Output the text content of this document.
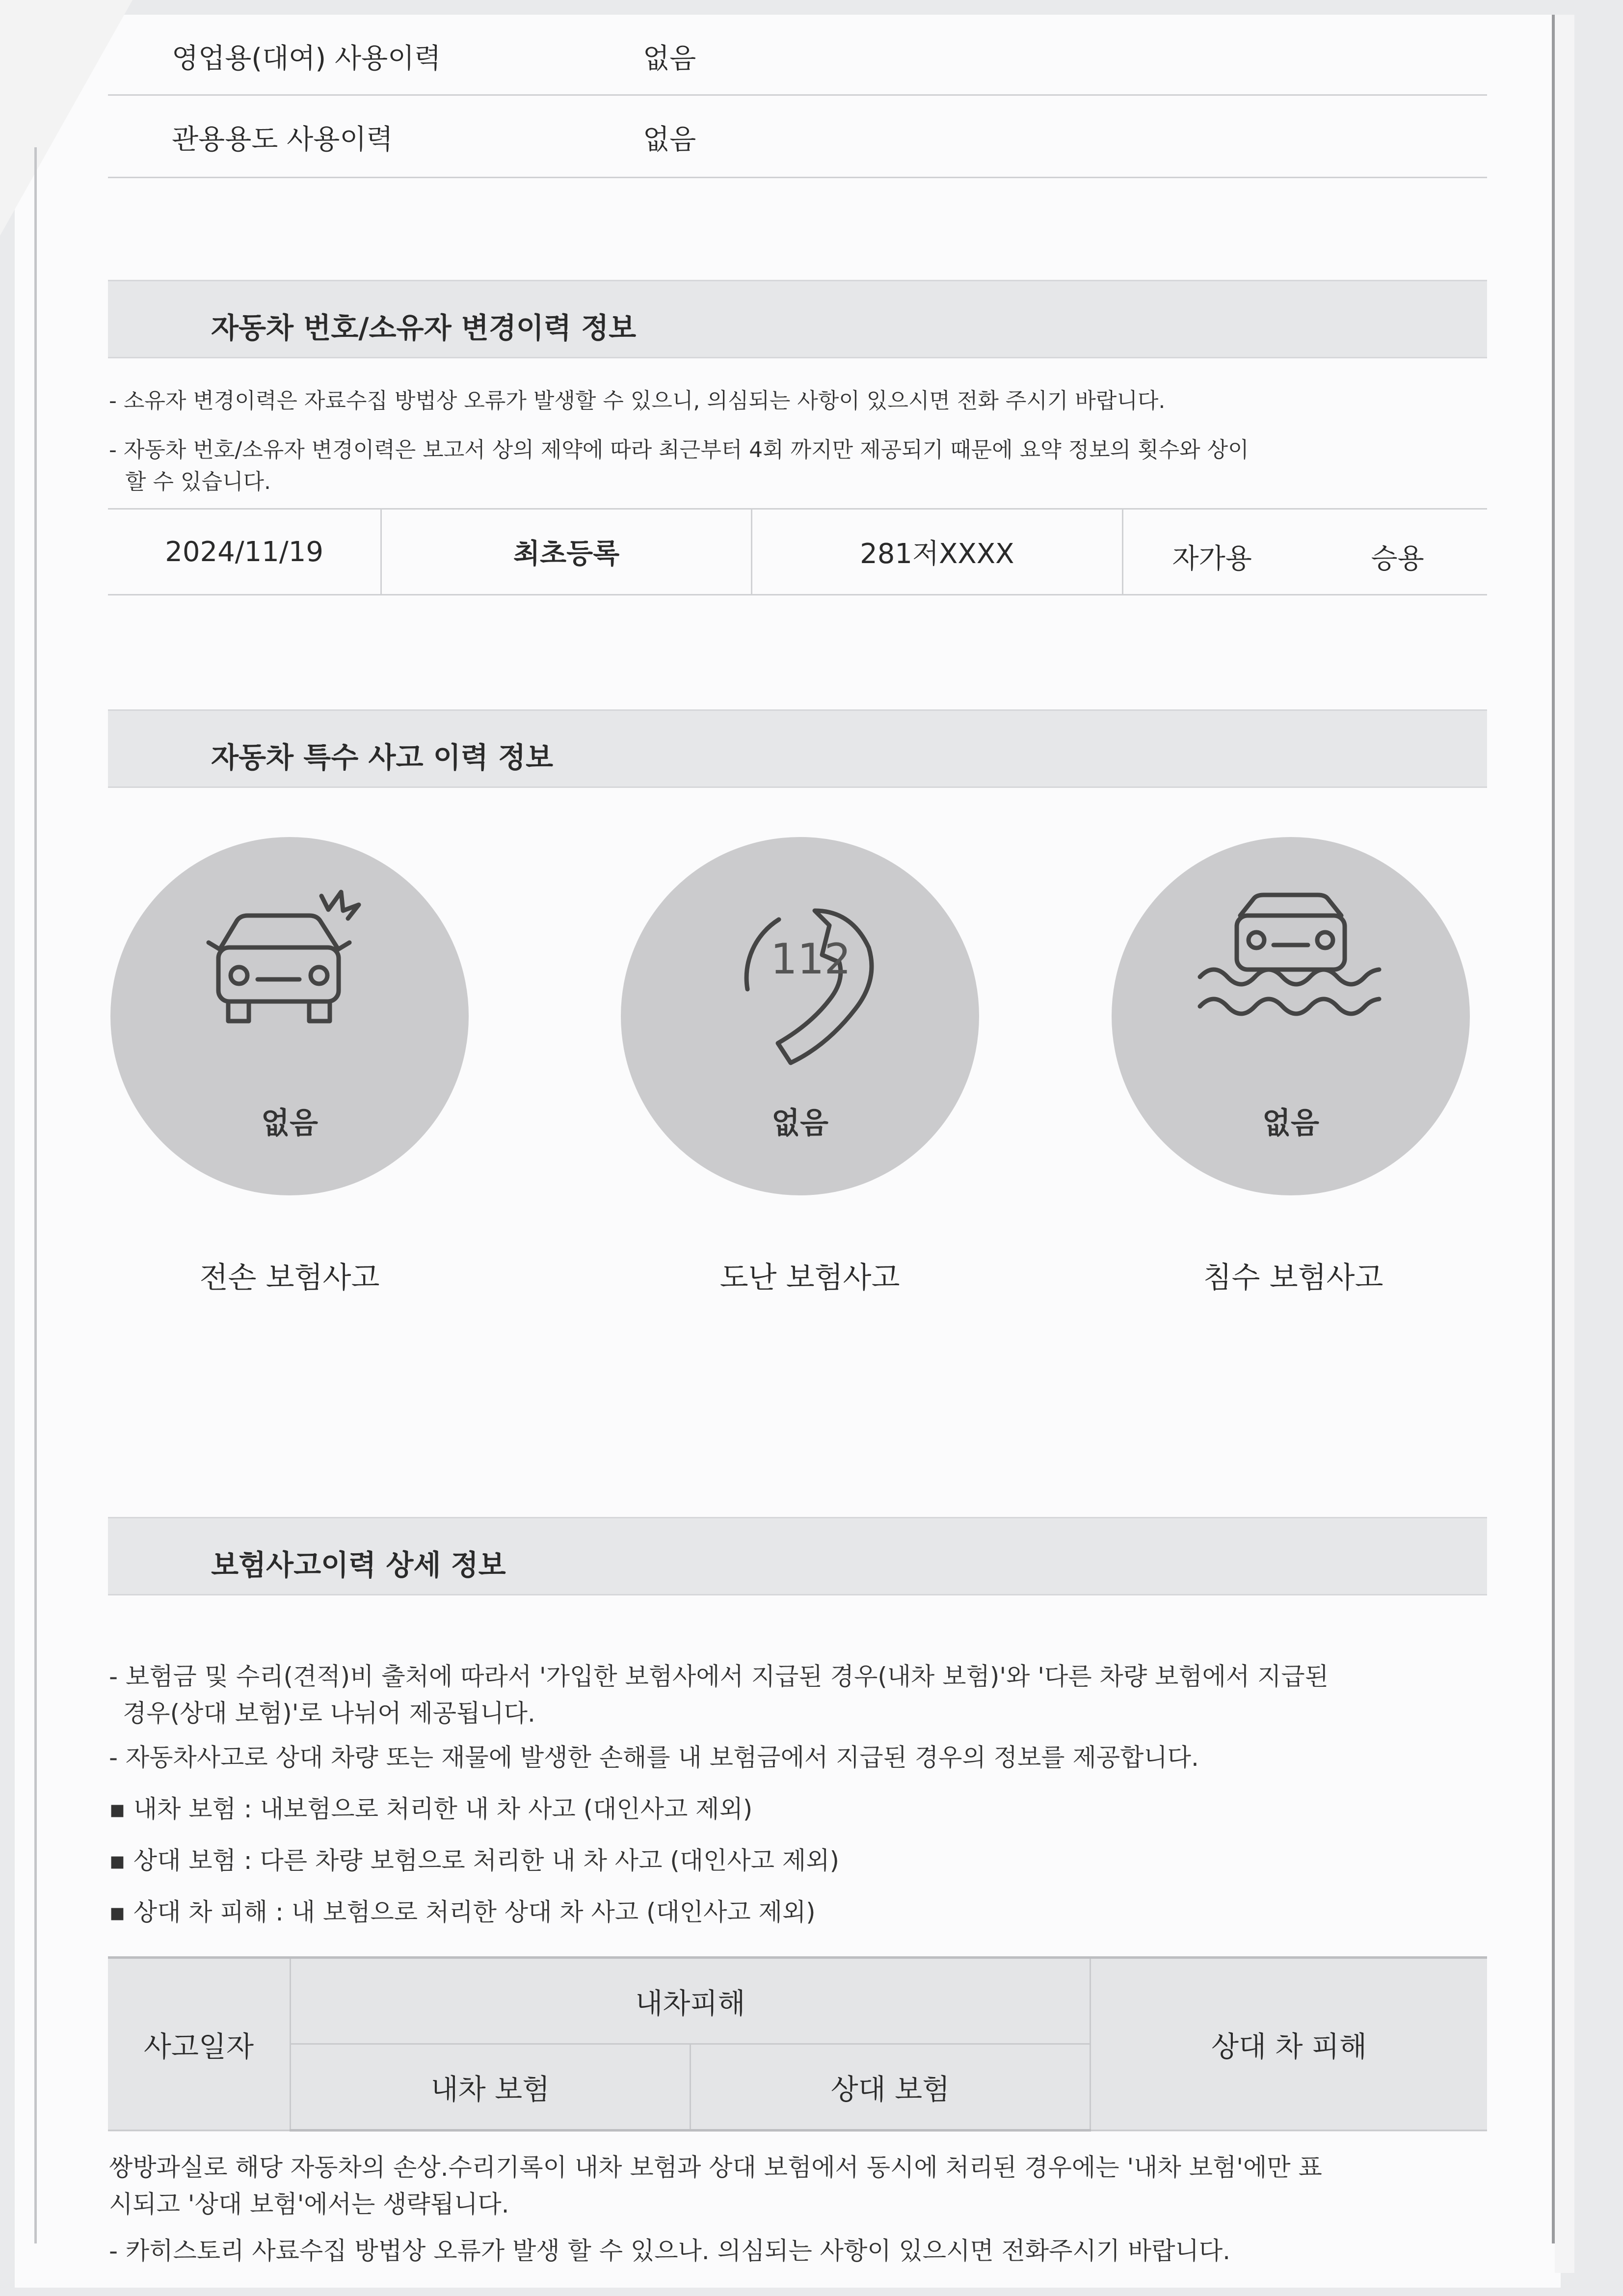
영업용(대여) 사용이력	없음
관용용도 사용이력	없음
자동차 번호/소유자 변경이력 정보
- 소유자 변경이력은 자료수집 방법상 오류가 발생할 수 있으니, 의심되는 사항이 있으시면 전화 주시기 바랍니다.
- 자동차 번호/소유자 변경이력은 보고서 상의 제약에 따라 최근부터 4회 까지만 제공되기 때문에 요약 정보의 횟수와 상이
할 수 있습니다.
2024/11/19	최초등록	281저XXXX	자가용	승용
자동차 특수 사고 이력 정보
없음
112
없음	없음
전손 보험사고	도난 보험사고	침수 보험사고
보험사고이력 상세 정보
- 보험금 및 수리(견적)비 출처에 따라서 '가입한 보험사에서 지급된 경우(내차 보험)'와 '다른 차량 보험에서 지급된
경우(상대 보험)'로 나뉘어 제공됩니다.
- 자동차사고로 상대 차량 또는 재물에 발생한 손해를 내 보험금에서 지급된 경우의 정보를 제공합니다.
▪ 내차 보험 : 내보험으로 처리한 내 차 사고 (대인사고 제외)
▪ 상대 보험 : 다른 차량 보험으로 처리한 내 차 사고 (대인사고 제외)
▪ 상대 차 피해 : 내 보험으로 처리한 상대 차 사고 (대인사고 제외)
사고일자	내차피해		상대 차 피해
	내차 보험	상대 보험	
쌍방과실로 해당 자동차의 손상.수리기록이 내차 보험과 상대 보험에서 동시에 처리된 경우에는 '내차 보험'에만 표
시되고 '상대 보험'에서는 생략됩니다.
- 카히스토리 사료수집 방법상 오류가 발생 할 수 있으나. 의심되는 사항이 있으시면 전화주시기 바랍니다.
